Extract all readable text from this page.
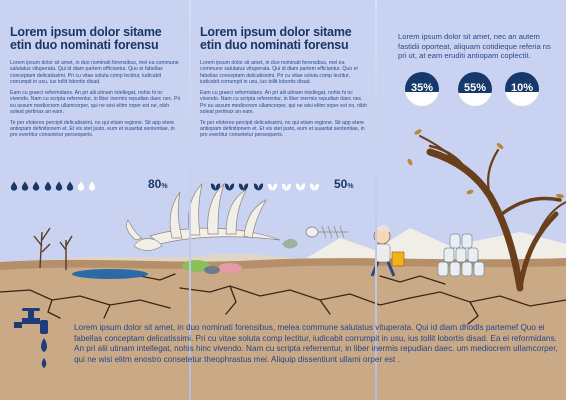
Lorem ipsum dolor sitame etin duo nominati forensu

Lorem ipsum dolor sit amet, in duo nominati forensibus, mel ea commune salutatus vituperata. Qui id diam partem efficiantur. Quo ei fabellas conceptam delicatissimi. Pri cu vitae soluta comp lectitur, iudicabit corrumpit in usu, ius tollit lobortis disad.

Eam cu graeci reformidans. An pri alii utinam intellegat, nohis hi nc vivendo. Nam cu scripta referrentur, in liber inermis repudian daec nec. Pri eu assum mediocrem ullamcorper, qui ne wisi elitm orper est ne, nibh soleat pertinax an eam.

Te per eloteres percipit delicatissimi, no qui etiam regione. Sit app etere antiopam definitionem et. Et vis stet justo, eum et suavitat sententiae, in pro evertitur consetetur persequeris.

80%
Lorem ipsum dolor sitame etin duo nominati forensu

Lorem ipsum dolor sit amet, in duo nominati forensibus, mel ea commune salutatus vituperata. Qui id diam partem efficiantur. Quo ei fabellas conceptam delicatissimi. Pri cu vitae soluta comp lectitur, iudicabit corrumpit in usu, ius tollit lobortis disad.

Eam cu graeci reformidans. An pri alii utinam intellegat, nohis hi nc vivendo. Nam cu scripta referrentur, in liber inermis repudian daec nec. Pri eu assum mediocrem ullamcorper, qui ne wisi elitm orper est no, nibh soleat pertinax an eam.

Te per eloteres percipit delicatissimi, no qui etiam regione. Sit app etere antiopam definitionem et. Et vis stet justo, eum et suavitat sententiae, in pro evertitur consetetur persequeris.

50%
Lorem ipsum dolor sit amet, nec an autem fastidii oporteat, aliquam cotidieque referia ns pri ut, at eam eruditi antiopam coplectit.
35%	55%	10%
Lorem ipsum dolor sit amet, in duo nominati forensibus, melea commune salutatus vituperata. Qui id diam dhodls partemef Quo ei fabellas conceptam delicatissimi. Pri cu vitae soluta comp lectitur, iudicabit corrumpit in usu, ius tollit lobortis disad. Ea ei reformidans. An pri alii utinam intellegat, nohis hinc vivendo. Nam cu scripta referrentur, in liber inermis repudian daec. um mediocrem ullamcorper, qui ne wisi elitm enostro consetetur theophrastus mei. Aliquip dissentiunt ullami orper est .
